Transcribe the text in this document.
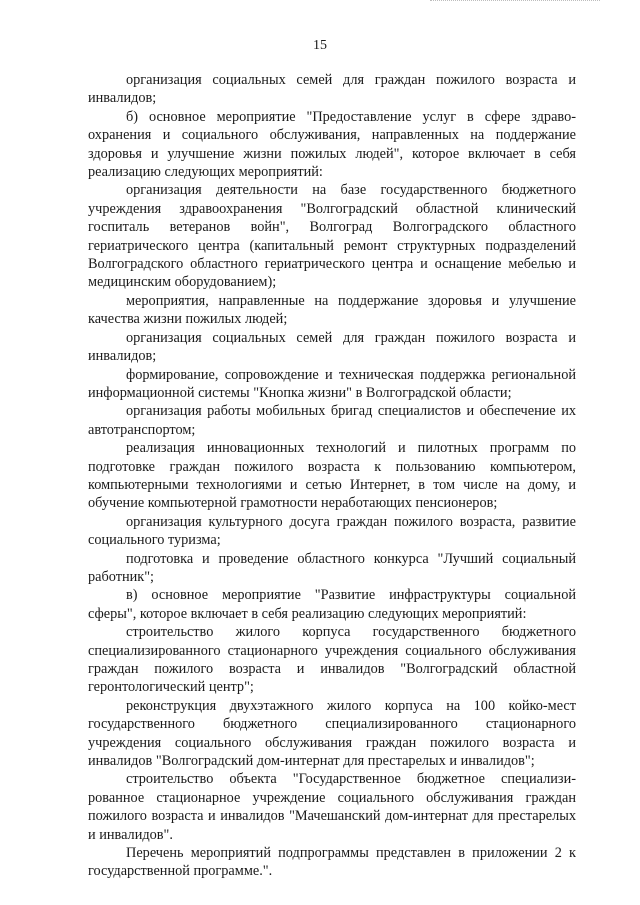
15

организация социальных семей для граждан пожилого возраста и инвалидов;

б) основное мероприятие "Предоставление услуг в сфере здраво-охранения и социального обслуживания, направленных на поддержание здоровья и улучшение жизни пожилых людей", которое включает в себя реализацию следующих мероприятий:

организация деятельности на базе государственного бюджетного учреждения здравоохранения "Волгоградский областной клинический госпиталь ветеранов войн", Волгоград Волгоградского областного гериатрического центра (капитальный ремонт структурных подразделений Волгоградского областного гериатрического центра и оснащение мебелью и медицинским оборудованием);

мероприятия, направленные на поддержание здоровья и улучшение качества жизни пожилых людей;

организация социальных семей для граждан пожилого возраста и инвалидов;

формирование, сопровождение и техническая поддержка региональной информационной системы "Кнопка жизни" в Волгоградской области;

организация работы мобильных бригад специалистов и обеспечение их автотранспортом;

реализация инновационных технологий и пилотных программ по подготовке граждан пожилого возраста к пользованию компьютером, компьютерными технологиями и сетью Интернет, в том числе на дому, и обучение компьютерной грамотности неработающих пенсионеров;

организация культурного досуга граждан пожилого возраста, развитие социального туризма;

подготовка и проведение областного конкурса "Лучший социальный работник";

в) основное мероприятие "Развитие инфраструктуры социальной сферы", которое включает в себя реализацию следующих мероприятий:

строительство жилого корпуса государственного бюджетного специализированного стационарного учреждения социального обслуживания граждан пожилого возраста и инвалидов "Волгоградский областной геронтологический центр";

реконструкция двухэтажного жилого корпуса на 100 койко-мест государственного бюджетного специализированного стационарного учреждения социального обслуживания граждан пожилого возраста и инвалидов "Волгоградский дом-интернат для престарелых и инвалидов";

строительство объекта "Государственное бюджетное специализи-рованное стационарное учреждение социального обслуживания граждан пожилого возраста и инвалидов "Мачешанский дом-интернат для престарелых и инвалидов".

Перечень мероприятий подпрограммы представлен в приложении 2 к государственной программе.".
